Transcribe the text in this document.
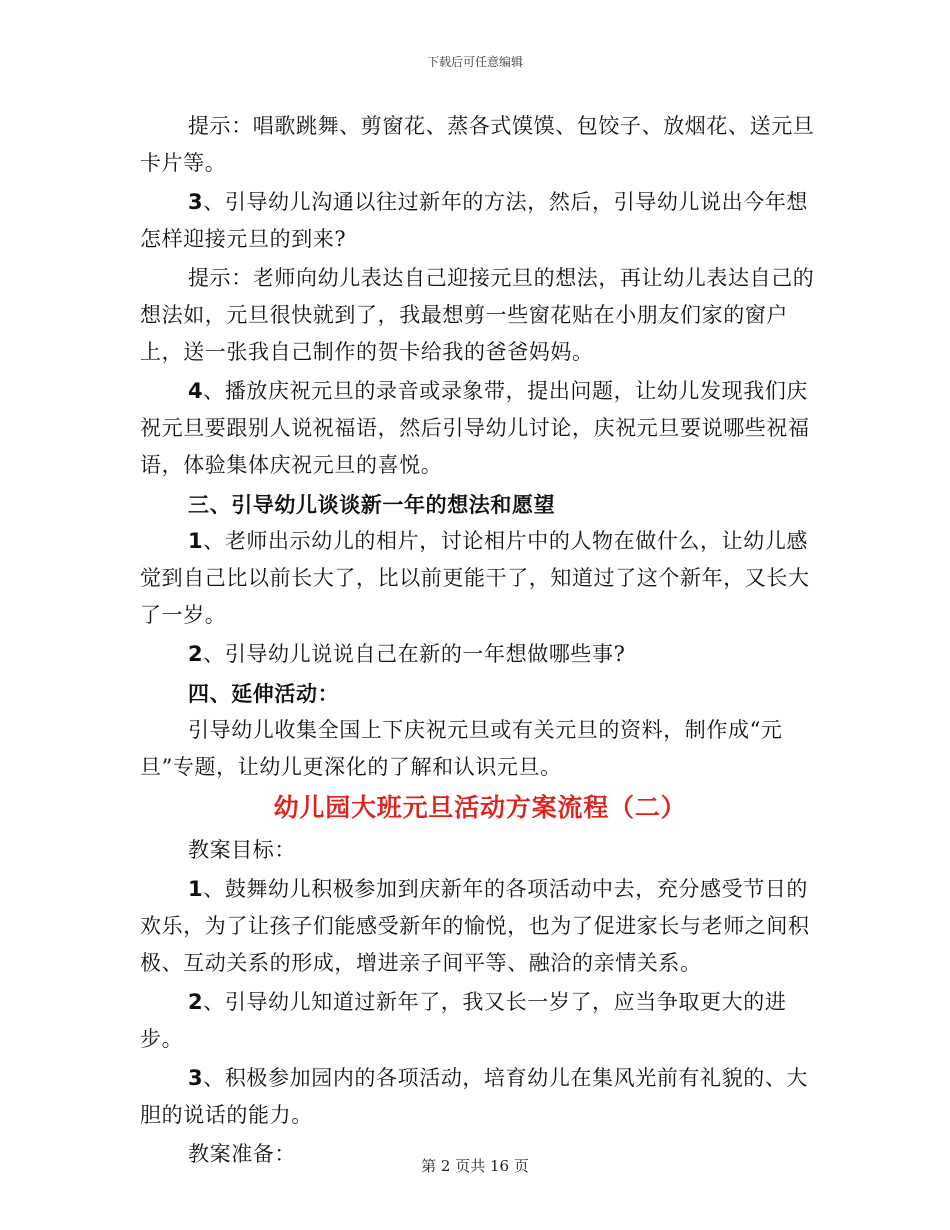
下载后可任意编辑

提示：唱歌跳舞、剪窗花、蒸各式馍馍、包饺子、放烟花、送元旦卡片等。

3、引导幼儿沟通以往过新年的方法，然后，引导幼儿说出今年想怎样迎接元旦的到来?

提示：老师向幼儿表达自己迎接元旦的想法，再让幼儿表达自己的想法如，元旦很快就到了，我最想剪一些窗花贴在小朋友们家的窗户上，送一张我自己制作的贺卡给我的爸爸妈妈。

4、播放庆祝元旦的录音或录象带，提出问题，让幼儿发现我们庆祝元旦要跟别人说祝福语，然后引导幼儿讨论，庆祝元旦要说哪些祝福语，体验集体庆祝元旦的喜悦。

三、引导幼儿谈谈新一年的想法和愿望

1、老师出示幼儿的相片，讨论相片中的人物在做什么，让幼儿感觉到自己比以前长大了，比以前更能干了，知道过了这个新年，又长大了一岁。

2、引导幼儿说说自己在新的一年想做哪些事?

四、延伸活动：

引导幼儿收集全国上下庆祝元旦或有关元旦的资料，制作成“元旦”专题，让幼儿更深化的了解和认识元旦。

幼儿园大班元旦活动方案流程（二）

教案目标：

1、鼓舞幼儿积极参加到庆新年的各项活动中去，充分感受节日的欢乐，为了让孩子们能感受新年的愉悦，也为了促进家长与老师之间积极、互动关系的形成，增进亲子间平等、融洽的亲情关系。

2、引导幼儿知道过新年了，我又长一岁了，应当争取更大的进步。

3、积极参加园内的各项活动，培育幼儿在集风光前有礼貌的、大胆的说话的能力。

教案准备：	第 2 页共 16 页
